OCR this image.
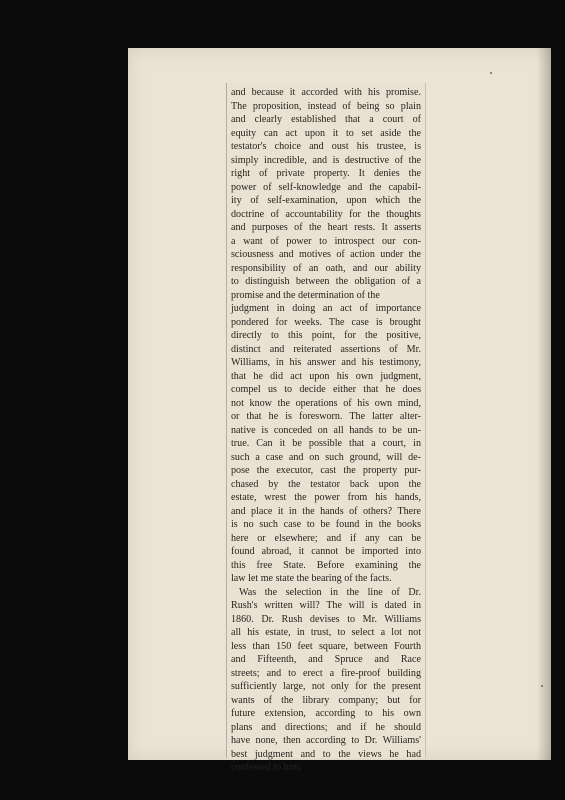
and because it accorded with his promise.
The proposition, instead of being so plain
and clearly established that a court of
equity can act upon it to set aside the
testator's choice and oust his trustee, is
simply incredible, and is destructive of the
right of private property. It denies the
power of self-knowledge and the capabil-
ity of self-examination, upon which the
doctrine of accountability for the thoughts
and purposes of the heart rests. It asserts
a want of power to introspect our con-
sciousness and motives of action under the
responsibility of an oath, and our ability
to distinguish between the obligation of a
promise and the determination of the
judgment in doing an act of importance
pondered for weeks. The case is brought
directly to this point, for the positive,
distinct and reiterated assertions of Mr.
Williams, in his answer and his testimony,
that he did act upon his own judgment,
compel us to decide either that he does
not know the operations of his own mind,
or that he is foresworn. The latter alter-
native is conceded on all hands to be un-
true. Can it be possible that a court, in
such a case and on such ground, will de-
pose the executor, cast the property pur-
chased by the testator back upon the
estate, wrest the power from his hands,
and place it in the hands of others? There
is no such case to be found in the books
here or elsewhere; and if any can be
found abroad, it cannot be imported into
this free State. Before examining the
law let me state the bearing of the facts.
Was the selection in the line of Dr.
Rush's written will? The will is dated in
1860. Dr. Rush devises to Mr. Williams
all his estate, in trust, to select a lot not
less than 150 feet square, between Fourth
and Fifteenth, and Spruce and Race
streets; and to erect a fire-proof building
sufficiently large, not only for the present
wants of the library company; but for
future extension, according to his own
plans and directions; and if he should
have none, then according to Dr. Williams'
best judgment and to the views he had
confessed to him.
